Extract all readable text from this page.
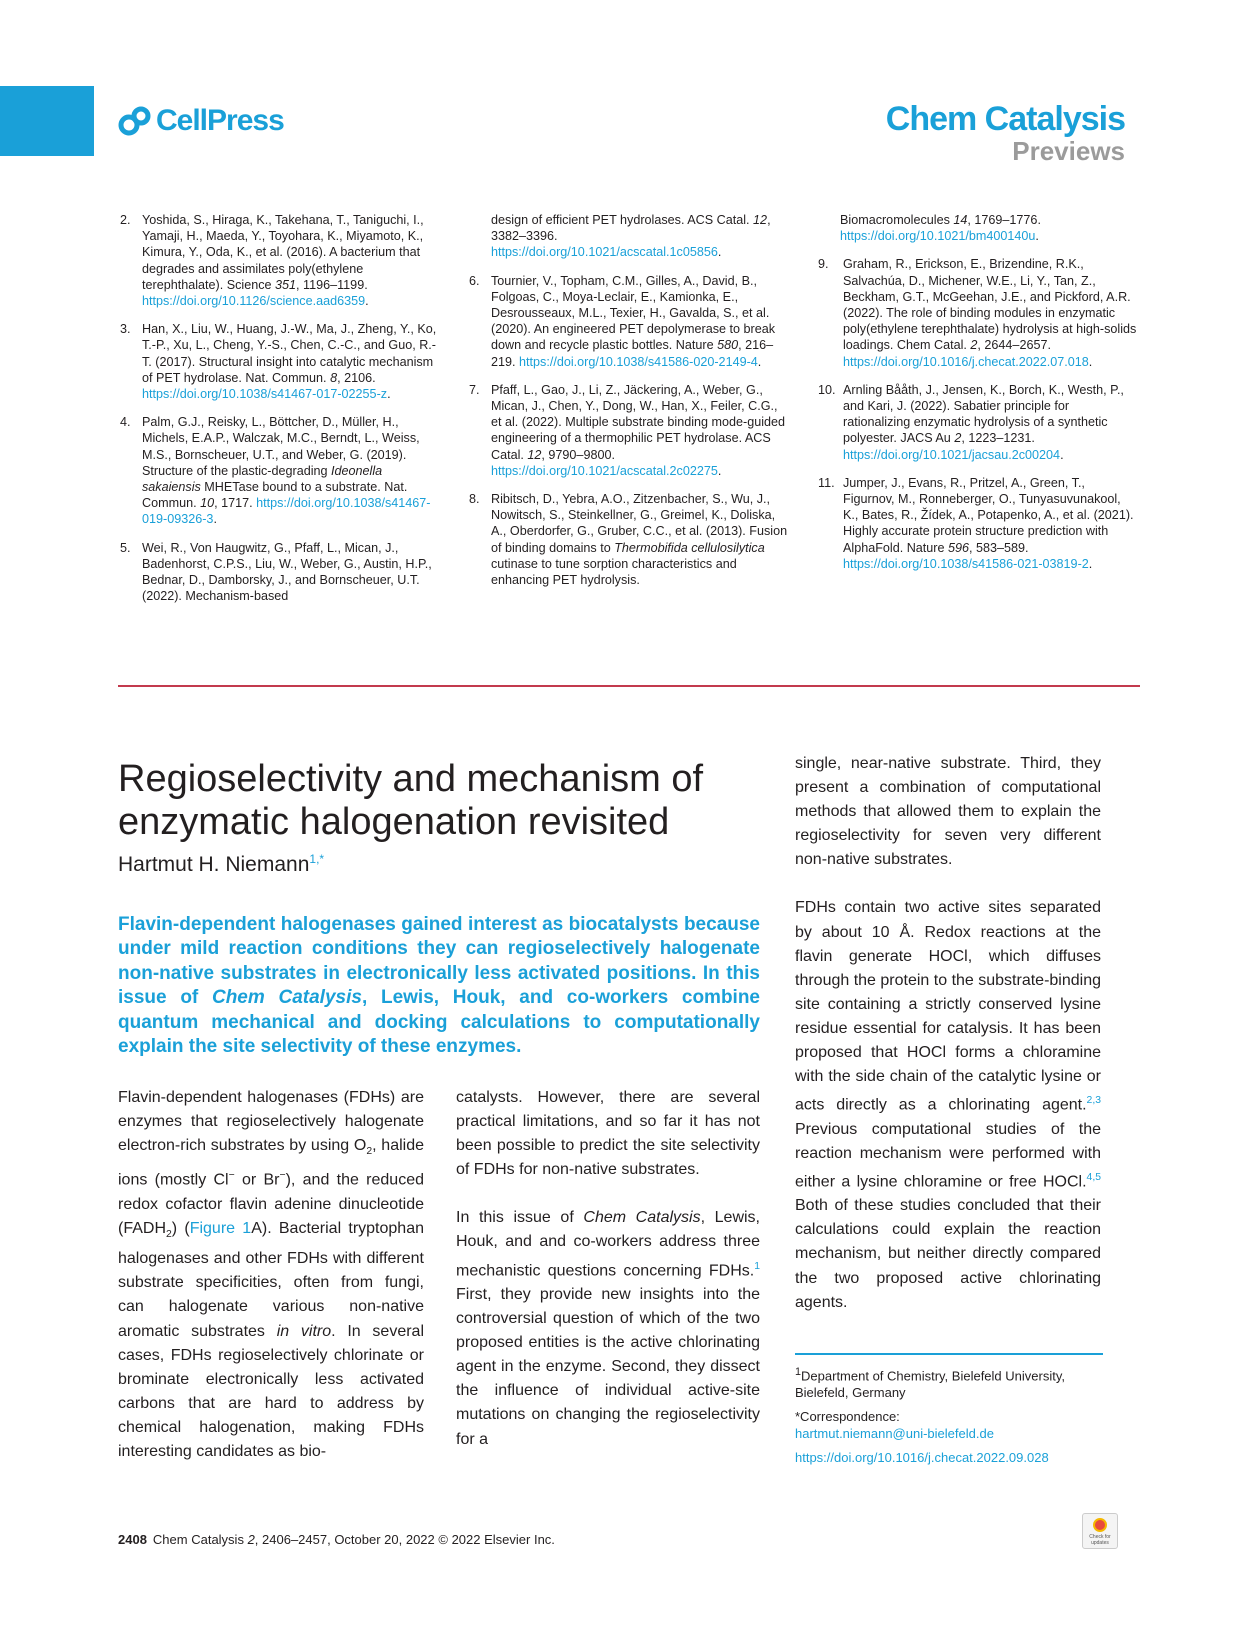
CellPress	Chem Catalysis
Previews
2. Yoshida, S., Hiraga, K., Takehana, T., Taniguchi, I., Yamaji, H., Maeda, Y., Toyohara, K., Miyamoto, K., Kimura, Y., Oda, K., et al. (2016). A bacterium that degrades and assimilates poly(ethylene terephthalate). Science 351, 1196–1199. https://doi.org/10.1126/science.aad6359.
3. Han, X., Liu, W., Huang, J.-W., Ma, J., Zheng, Y., Ko, T.-P., Xu, L., Cheng, Y.-S., Chen, C.-C., and Guo, R.-T. (2017). Structural insight into catalytic mechanism of PET hydrolase. Nat. Commun. 8, 2106. https://doi.org/10.1038/s41467-017-02255-z.
4. Palm, G.J., Reisky, L., Böttcher, D., Müller, H., Michels, E.A.P., Walczak, M.C., Berndt, L., Weiss, M.S., Bornscheuer, U.T., and Weber, G. (2019). Structure of the plastic-degrading Ideonella sakaiensis MHETase bound to a substrate. Nat. Commun. 10, 1717. https://doi.org/10.1038/s41467-019-09326-3.
5. Wei, R., Von Haugwitz, G., Pfaff, L., Mican, J., Badenhorst, C.P.S., Liu, W., Weber, G., Austin, H.P., Bednar, D., Damborsky, J., and Bornscheuer, U.T. (2022). Mechanism-based
design of efficient PET hydrolases. ACS Catal. 12, 3382–3396. https://doi.org/10.1021/acscatal.1c05856.
6. Tournier, V., Topham, C.M., Gilles, A., David, B., Folgoas, C., Moya-Leclair, E., Kamionka, E., Desrousseaux, M.L., Texier, H., Gavalda, S., et al. (2020). An engineered PET depolymerase to break down and recycle plastic bottles. Nature 580, 216–219. https://doi.org/10.1038/s41586-020-2149-4.
7. Pfaff, L., Gao, J., Li, Z., Jäckering, A., Weber, G., Mican, J., Chen, Y., Dong, W., Han, X., Feiler, C.G., et al. (2022). Multiple substrate binding mode-guided engineering of a thermophilic PET hydrolase. ACS Catal. 12, 9790–9800. https://doi.org/10.1021/acscatal.2c02275.
8. Ribitsch, D., Yebra, A.O., Zitzenbacher, S., Wu, J., Nowitsch, S., Steinkellner, G., Greimel, K., Doliska, A., Oberdorfer, G., Gruber, C.C., et al. (2013). Fusion of binding domains to Thermobifida cellulosilytica cutinase to tune sorption characteristics and enhancing PET hydrolysis.
Biomacromolecules 14, 1769–1776. https://doi.org/10.1021/bm400140u.
9.	Graham, R., Erickson, E., Brizendine, R.K., Salvachúa, D., Michener, W.E., Li, Y., Tan, Z., Beckham, G.T., McGeehan, J.E., and Pickford, A.R. (2022). The role of binding modules in enzymatic poly(ethylene terephthalate) hydrolysis at high-solids loadings. Chem Catal. 2, 2644–2657. https://doi.org/10.1016/j.checat.2022.07.018.
10. Arnling Bååth, J., Jensen, K., Borch, K., Westh, P., and Kari, J. (2022). Sabatier principle for rationalizing enzymatic hydrolysis of a synthetic polyester. JACS Au 2, 1223–1231. https://doi.org/10.1021/jacsau.2c00204.
11. Jumper, J., Evans, R., Pritzel, A., Green, T., Figurnov, M., Ronneberger, O., Tunyasuvunakool, K., Bates, R., Žídek, A., Potapenko, A., et al. (2021). Highly accurate protein structure prediction with AlphaFold. Nature 596, 583–589. https://doi.org/10.1038/s41586-021-03819-2.
Regioselectivity and mechanism of enzymatic halogenation revisited
Hartmut H. Niemann$^{1,*}$
Flavin-dependent halogenases gained interest as biocatalysts because under mild reaction conditions they can regioselectively halogenate non-native substrates in electronically less activated positions. In this issue of Chem Catalysis, Lewis, Houk, and co-workers combine quantum mechanical and docking calculations to computationally explain the site selectivity of these enzymes.

Flavin-dependent halogenases (FDHs) are enzymes that regioselectively halogenate electron-rich substrates by using $O_2$, halide ions (mostly Cl− or Br−), and the reduced redox cofactor flavin adenine dinucleotide $(FADH_2)$ (Figure 1A). Bacterial tryptophan halogenases and other FDHs with different substrate specificities, often from fungi, can halogenate various non-native aromatic substrates in vitro. In several cases, FDHs regioselectively chlorinate or brominate electronically less activated carbons that are hard to address by chemical halogenation, making FDHs interesting candidates as bio-

catalysts. However, there are several practical limitations, and so far it has not been possible to predict the site selectivity of FDHs for non-native substrates.

In this issue of Chem Catalysis, Lewis, Houk, and and co-workers address three mechanistic questions concerning FDHs.$^1$ First, they provide new insights into the controversial question of which of the two proposed entities is the active chlorinating agent in the enzyme. Second, they dissect the influence of individual active-site mutations on changing the regioselectivity for a

single, near-native substrate. Third, they present a combination of computational methods that allowed them to explain the regioselectivity for seven very different non-native substrates.

FDHs contain two active sites separated by about 10 Å. Redox reactions at the flavin generate HOCl, which diffuses through the protein to the substrate-binding site containing a strictly conserved lysine residue essential for catalysis. It has been proposed that HOCl forms a chloramine with the side chain of the catalytic lysine or acts directly as a chlorinating agent.$^{2,3}$ Previous computational studies of the reaction mechanism were performed with either a lysine chloramine or free HOCl.$^{4,5}$ Both of these studies concluded that their calculations could explain the reaction mechanism, but neither directly compared the two proposed active chlorinating agents.

$^1$Department of Chemistry, Bielefeld University, Bielefeld, Germany

*Correspondence:
hartmut.niemann@uni-bielefeld.de

https://doi.org/10.1016/j.checat.2022.09.028

2408 Chem Catalysis 2, 2406–2457, October 20, 2022 © 2022 Elsevier Inc.	Check for updates
